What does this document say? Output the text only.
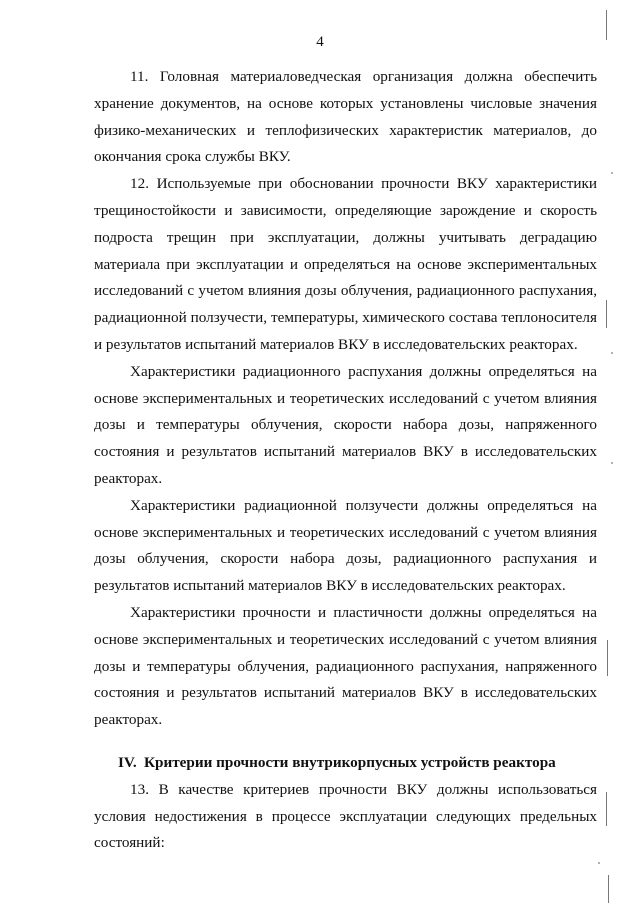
4

11. Головная материаловедческая организация должна обеспечить хранение документов, на основе которых установлены числовые значения физико-механических и теплофизических характеристик материалов, до окончания срока службы ВКУ.

12. Используемые при обосновании прочности ВКУ характеристики трещиностойкости и зависимости, определяющие зарождение и скорость подроста трещин при эксплуатации, должны учитывать деградацию материала при эксплуатации и определяться на основе экспериментальных исследований с учетом влияния дозы облучения, радиационного распухания, радиационной ползучести, температуры, химического состава теплоносителя и результатов испытаний материалов ВКУ в исследовательских реакторах.

Характеристики радиационного распухания должны определяться на основе экспериментальных и теоретических исследований с учетом влияния дозы и температуры облучения, скорости набора дозы, напряженного состояния и результатов испытаний материалов ВКУ в исследовательских реакторах.

Характеристики радиационной ползучести должны определяться на основе экспериментальных и теоретических исследований с учетом влияния дозы облучения, скорости набора дозы, радиационного распухания и результатов испытаний материалов ВКУ в исследовательских реакторах.

Характеристики прочности и пластичности должны определяться на основе экспериментальных и теоретических исследований с учетом влияния дозы и температуры облучения, радиационного распухания, напряженного состояния и результатов испытаний материалов ВКУ в исследовательских реакторах.

IV. Критерии прочности внутрикорпусных устройств реактора

13. В качестве критериев прочности ВКУ должны использоваться условия недостижения в процессе эксплуатации следующих предельных состояний:
